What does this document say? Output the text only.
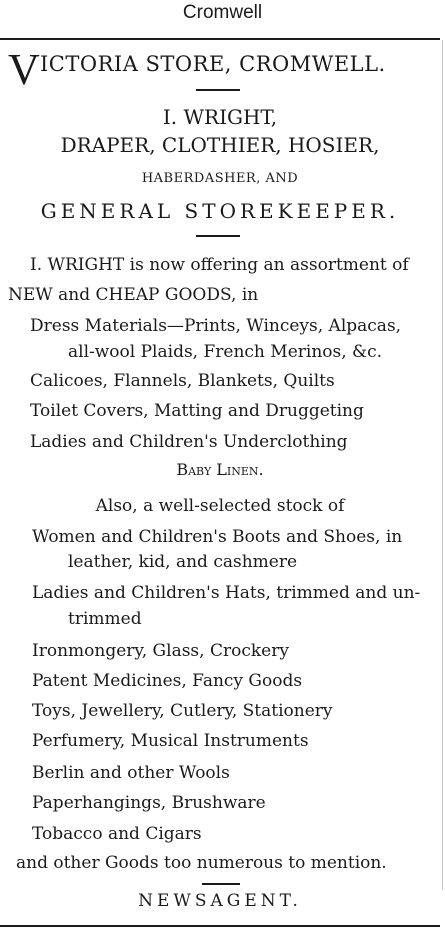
Cromwell
V ICTORIA STORE, CROMWELL.
I. WRIGHT,
DRAPER, CLOTHIER, HOSIER,
HABERDASHER, AND
GENERAL STOREKEEPER.
I. WRIGHT is now offering an assortment of
NEW and CHEAP GOODS, in
Dress Materials—Prints, Winceys, Alpacas,
all-wool Plaids, French Merinos, &c.
Calicoes, Flannels, Blankets, Quilts
Toilet Covers, Matting and Druggeting
Ladies and Children's Underclothing
Baby Linen.
Also, a well-selected stock of
Women and Children's Boots and Shoes, in
leather, kid, and cashmere
Ladies and Children's Hats, trimmed and un-
trimmed
Ironmongery, Glass, Crockery
Patent Medicines, Fancy Goods
Toys, Jewellery, Cutlery, Stationery
Perfumery, Musical Instruments
Berlin and other Wools
Paperhangings, Brushware
Tobacco and Cigars
and other Goods too numerous to mention.
NEWSAGENT.
